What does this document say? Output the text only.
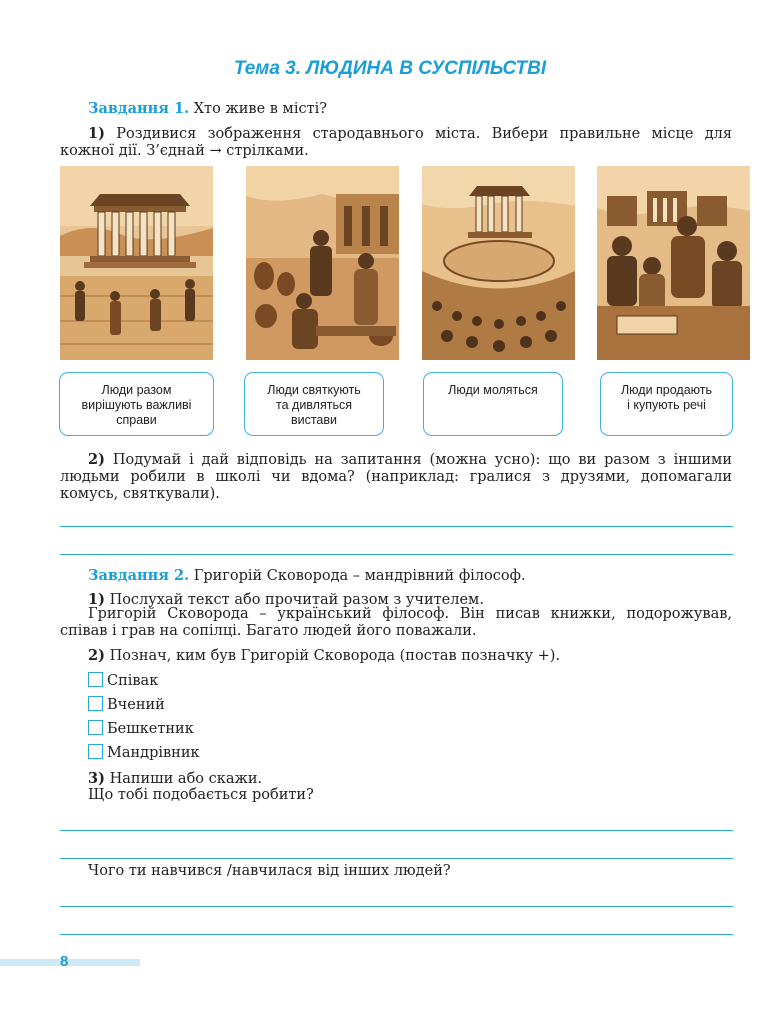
Тема 3. ЛЮДИНА В СУСПІЛЬСТВІ
Завдання 1. Хто живе в місті?
1) Роздивися зображення стародавнього міста. Вибери правильне місце для кожної дії. З’єднай → стрілками.
Люди разом
вирішують важливі
справи
Люди святкують
та дивляться
вистави
Люди моляться	Люди продають
і купують речі
2) Подумай і дай відповідь на запитання (можна усно): що ви разом з іншими людьми робили в школі чи вдома? (наприклад: гралися з друзями, допомагали комусь, святкували).
Завдання 2. Григорій Сковорода – мандрівний філософ.
1) Послухай текст або прочитай разом з учителем.
Григорій Сковорода – український філософ. Він писав книжки, подорожував, співав і грав на сопілці. Багато людей його поважали.
2) Познач, ким був Григорій Сковорода (постав позначку +).
Співак
Вчений
Бешкетник
Мандрівник
3) Напиши або скажи.
Що тобі подобається робити?
Чого ти навчився /навчилася від інших людей?
8
